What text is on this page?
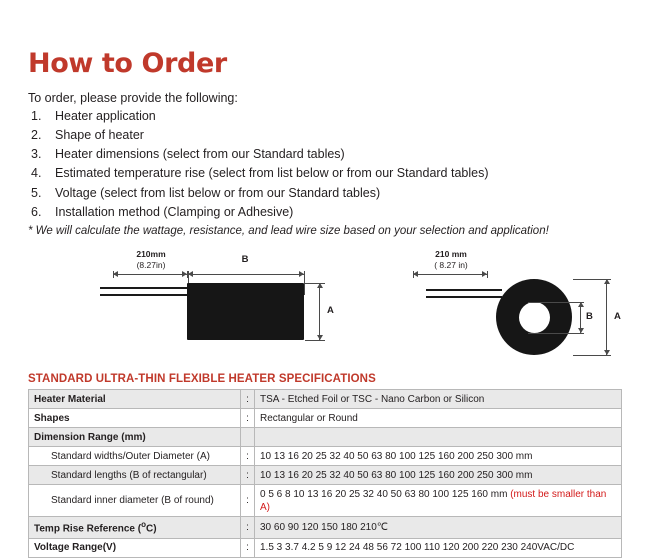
How to Order
To order, please provide the following:
1. Heater application
2. Shape of heater
3. Heater dimensions (select from our Standard tables)
4. Estimated temperature rise (select from list below or from our Standard tables)
5. Voltage (select from list below or from our Standard tables)
6. Installation method (Clamping or Adhesive)
* We will calculate the wattage, resistance, and lead wire size based on your selection and application!
210mm
(8.27in)	B
A
210 mm
( 8.27 in)
B A
STANDARD ULTRA-THIN FLEXIBLE HEATER SPECIFICATIONS
Heater Material	:	TSA - Etched Foil or TSC - Nano Carbon or Silicon
Shapes	:	Rectangular or Round
Dimension Range (mm)		
Standard widths/Outer Diameter (A)	:	10 13 16 20 25 32 40 50 63 80 100 125 160 200 250 300 mm
Standard lengths (B of rectangular)	:	10 13 16 20 25 32 40 50 63 80 100 125 160 200 250 300 mm
Standard inner diameter (B of round)	:	0 5 6 8 10 13 16 20 25 32 40 50 63 80 100 125 160 mm (must be smaller than A)
Temp Rise Reference ($^o$C)	:	30 60 90 120 150 180 210℃
Voltage Range(V)	:	1.5 3 3.7 4.2 5 9 12 24 48 56 72 100 110 120 200 220 230 240VAC/DC
